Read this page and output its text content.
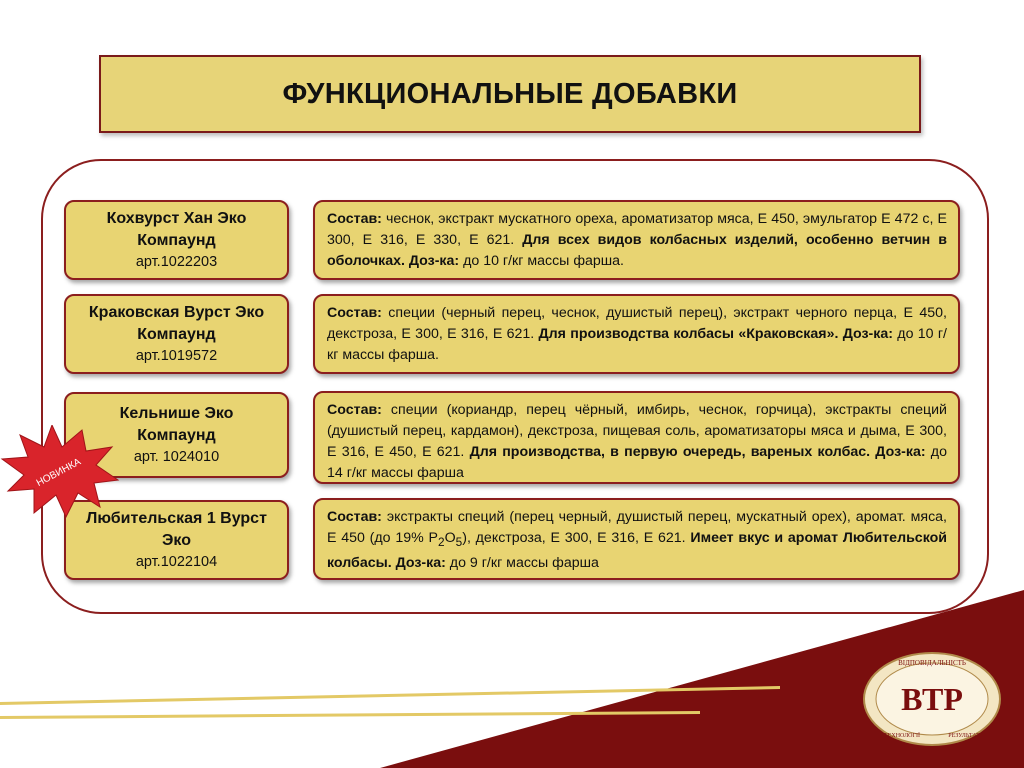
ФУНКЦИОНАЛЬНЫЕ ДОБАВКИ
Кохвурст Хан Эко Компаунд
арт.1022203
Состав: чеснок, экстракт мускатного ореха, ароматизатор мяса, Е 450, эмульгатор Е 472 с, Е 300, Е 316, Е 330, Е 621. Для всех видов колбасных изделий, особенно ветчин в оболочках. Доз-ка: до 10 г/кг массы фарша.
Краковская Вурст Эко Компаунд
арт.1019572
Состав: специи (черный перец, чеснок, душистый перец), экстракт черного перца, Е 450, декстроза, Е 300, Е 316, Е 621. Для производства колбасы «Краковская». Доз-ка: до 10 г/кг массы фарша.
Кельнише Эко Компаунд
арт. 1024010
Состав: специи (кориандр, перец чёрный, имбирь, чеснок, горчица), экстракты специй (душистый перец, кардамон), декстроза, пищевая соль, ароматизаторы мяса и дыма, Е 300, Е 316, Е 450, Е 621. Для производства, в первую очередь, вареных колбас. Доз-ка: до 14 г/кг массы фарша
Любительская 1 Вурст Эко
арт.1022104
Состав: экстракты специй (перец черный, душистый перец, мускатный орех), аромат. мяса, Е 450 (до 19% $P_2O_5$), декстроза, Е 300, Е 316, Е 621. Имеет вкус и аромат Любительской колбасы. Доз-ка: до 9 г/кг массы фарша
НОВИНКА
ВТР
ВІДПОВІДАЛЬНІСТЬ
ТЕХНОЛОГІЇ	РЕЗУЛЬТАТ
